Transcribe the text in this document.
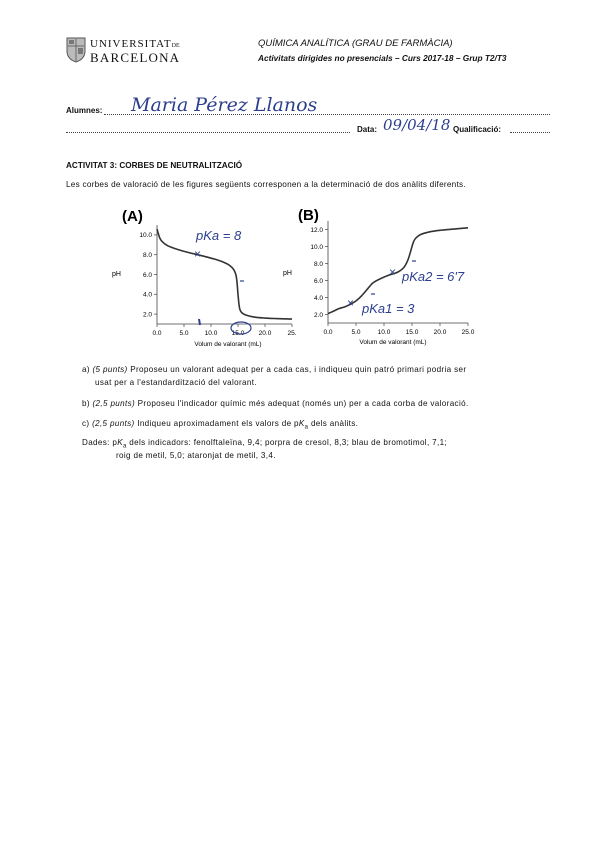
UNIVERSITATDE
BARCELONA
QUÍMICA ANALÍTICA (GRAU DE FARMÀCIA)
Activitats dirigides no presencials – Curs 2017-18 – Grup T2/T3
Alumnes: Maria Pérez Llanos
Data: 09/04/18 Qualificació:
ACTIVITAT 3: CORBES DE NEUTRALITZACIÓ
Les corbes de valoració de les figures següents corresponen a la determinació de dos anàlits diferents.
(A)
pH
Volum de valorant (mL)
0.0	5.0 10.0 15.0 20.0 25.
2.0
4.0
6.0
8.0
10.0	pKa = 8
×
(B)
pH
Volum de valorant (mL)
0.0	5.0	10.0 15.0 20.0 25.0
2.0
4.0
6.0
8.0
10.0
12.0
pKa2 = 6'7
pKa1 = 3
×
×
a) (5 punts) Proposeu un valorant adequat per a cada cas, i indiqueu quin patró primari podria ser
usat per a l'estandardització del valorant.
b) (2,5 punts) Proposeu l'indicador químic més adequat (només un) per a cada corba de valoració.
c) (2,5 punts) Indiqueu aproximadament els valors de $pK_a$ dels anàlits.
Dades: $pK_a$ dels indicadors: fenolftaleïna, 9,4; porpra de cresol, 8,3; blau de bromotimol, 7,1;
roig de metil, 5,0; ataronjat de metil, 3,4.
